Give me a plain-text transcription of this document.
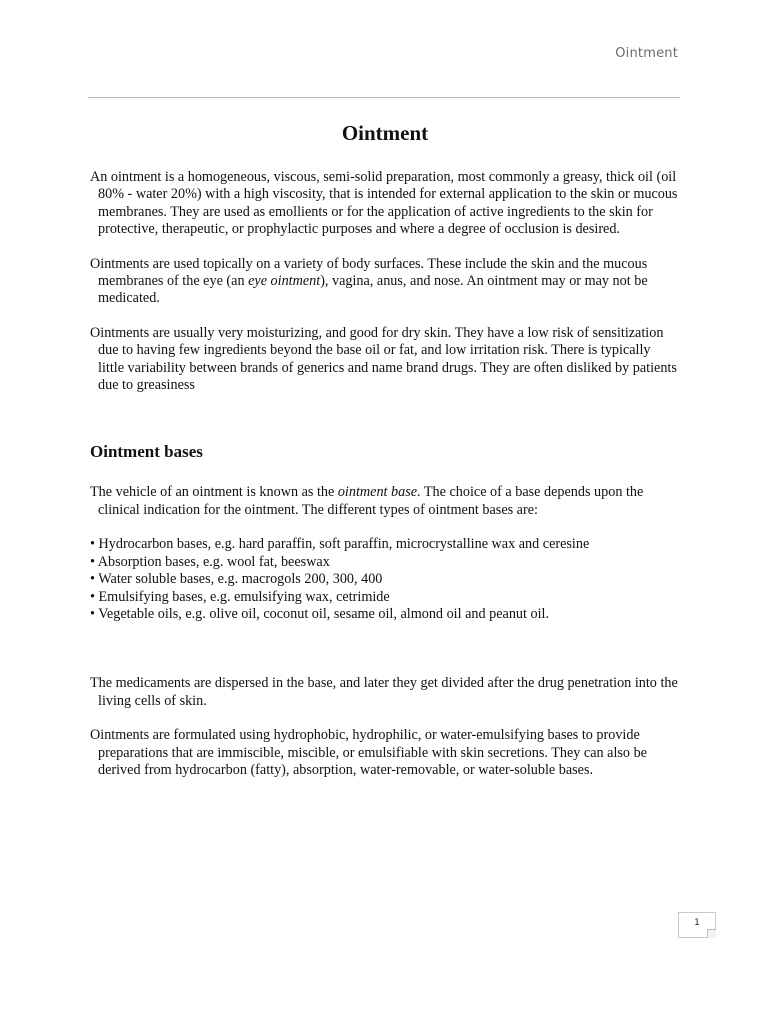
Ointment
Ointment

An ointment is a homogeneous, viscous, semi-solid preparation, most commonly a greasy, thick oil (oil 80% - water 20%) with a high viscosity, that is intended for external application to the skin or mucous membranes. They are used as emollients or for the application of active ingredients to the skin for protective, therapeutic, or prophylactic purposes and where a degree of occlusion is desired.

Ointments are used topically on a variety of body surfaces. These include the skin and the mucous membranes of the eye (an eye ointment), vagina, anus, and nose. An ointment may or may not be medicated.

Ointments are usually very moisturizing, and good for dry skin. They have a low risk of sensitization due to having few ingredients beyond the base oil or fat, and low irritation risk. There is typically little variability between brands of generics and name brand drugs. They are often disliked by patients due to greasiness

Ointment bases

The vehicle of an ointment is known as the ointment base. The choice of a base depends upon the clinical indication for the ointment. The different types of ointment bases are:

• Hydrocarbon bases, e.g. hard paraffin, soft paraffin, microcrystalline wax and ceresine
• Absorption bases, e.g. wool fat, beeswax
• Water soluble bases, e.g. macrogols 200, 300, 400
• Emulsifying bases, e.g. emulsifying wax, cetrimide
• Vegetable oils, e.g. olive oil, coconut oil, sesame oil, almond oil and peanut oil.

The medicaments are dispersed in the base, and later they get divided after the drug penetration into the living cells of skin.

Ointments are formulated using hydrophobic, hydrophilic, or water-emulsifying bases to provide preparations that are immiscible, miscible, or emulsifiable with skin secretions. They can also be derived from hydrocarbon (fatty), absorption, water-removable, or water-soluble bases.

1
